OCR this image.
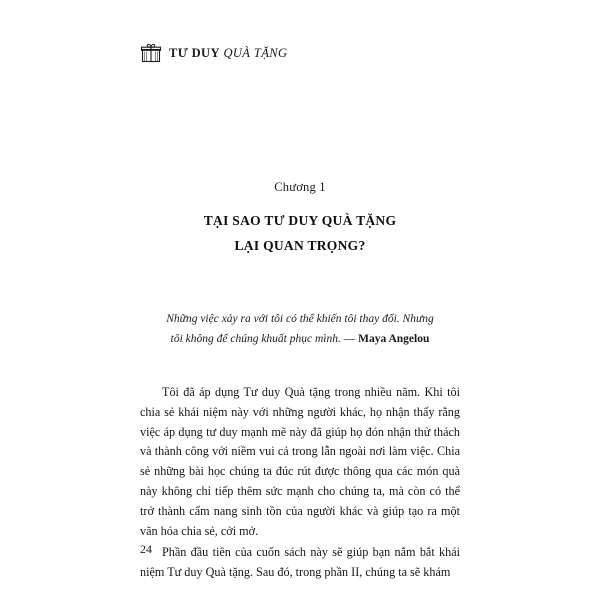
TƯ DUY QUÀ TẶNG

Chương 1

TẠI SAO TƯ DUY QUÀ TẶNG
LẠI QUAN TRỌNG?
Những việc xảy ra với tôi có thể khiến tôi thay đổi. Nhưng
tôi không để chúng khuất phục mình. — Maya Angelou

Tôi đã áp dụng Tư duy Quà tặng trong nhiều năm. Khi tôi chia sẻ khái niệm này với những người khác, họ nhận thấy rằng việc áp dụng tư duy mạnh mẽ này đã giúp họ đón nhận thử thách và thành công với niềm vui cả trong lẫn ngoài nơi làm việc. Chia sẻ những bài học chúng ta đúc rút được thông qua các món quà này không chỉ tiếp thêm sức mạnh cho chúng ta, mà còn có thể trở thành cẩm nang sinh tồn của người khác và giúp tạo ra một văn hóa chia sẻ, cởi mở.

Phần đầu tiên của cuốn sách này sẽ giúp bạn nắm bắt khái niệm Tư duy Quà tặng. Sau đó, trong phần II, chúng ta sẽ khám

24
